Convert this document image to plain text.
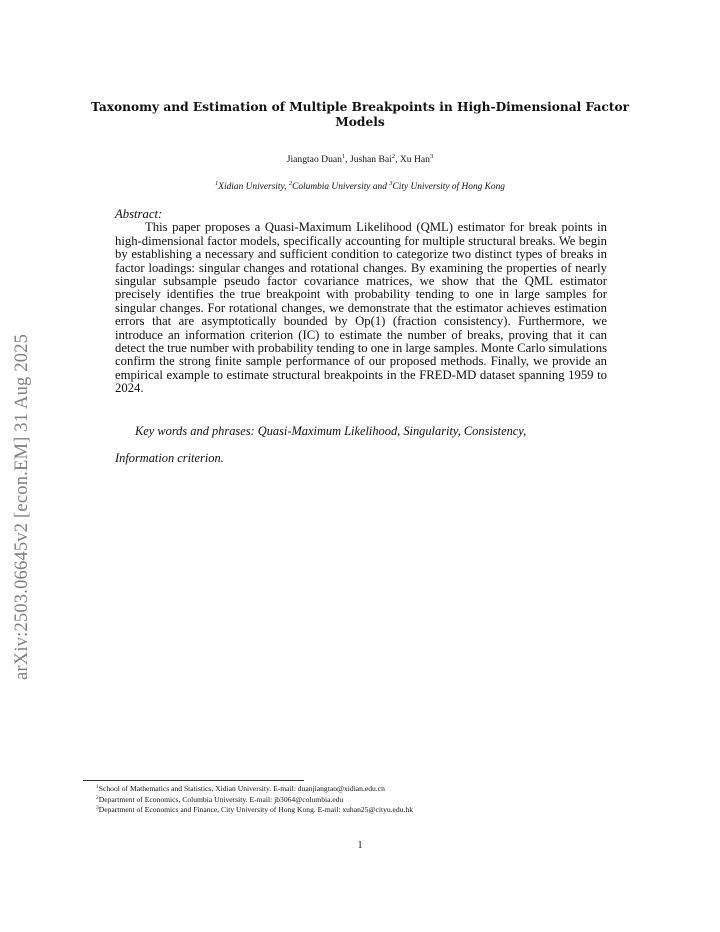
arXiv:2503.06645v2 [econ.EM] 31 Aug 2025
Taxonomy and Estimation of Multiple Breakpoints in High-Dimensional Factor Models
Jiangtao Duan$^1$, Jushan Bai$^2$, Xu Han$^3$
$^1$Xidian University, $^2$Columbia University and $^3$City University of Hong Kong

Abstract:

This paper proposes a Quasi-Maximum Likelihood (QML) estimator for break points in high-dimensional factor models, specifically accounting for multiple structural breaks. We begin by establishing a necessary and sufficient condition to categorize two distinct types of breaks in factor loadings: singular changes and rotational changes. By examining the properties of nearly singular subsample pseudo factor covariance matrices, we show that the QML estimator precisely identifies the true breakpoint with probability tending to one in large samples for singular changes. For rotational changes, we demonstrate that the estimator achieves estimation errors that are asymptotically bounded by Op(1) (fraction consistency). Furthermore, we introduce an information criterion (IC) to estimate the number of breaks, proving that it can detect the true number with probability tending to one in large samples. Monte Carlo simulations confirm the strong finite sample performance of our proposed methods. Finally, we provide an empirical example to estimate structural breakpoints in the FRED-MD dataset spanning 1959 to 2024.

Key words and phrases: Quasi-Maximum Likelihood, Singularity, Consistency,
Information criterion.
$^1$School of Mathematics and Statistics, Xidian University. E-mail: duanjiangtao@xidian.edu.cn
$^2$Department of Economics, Columbia University. E-mail: jb3064@columbia.edu
$^3$Department of Economics and Finance, City University of Hong Kong. E-mail: xuhan25@cityu.edu.hk
1
